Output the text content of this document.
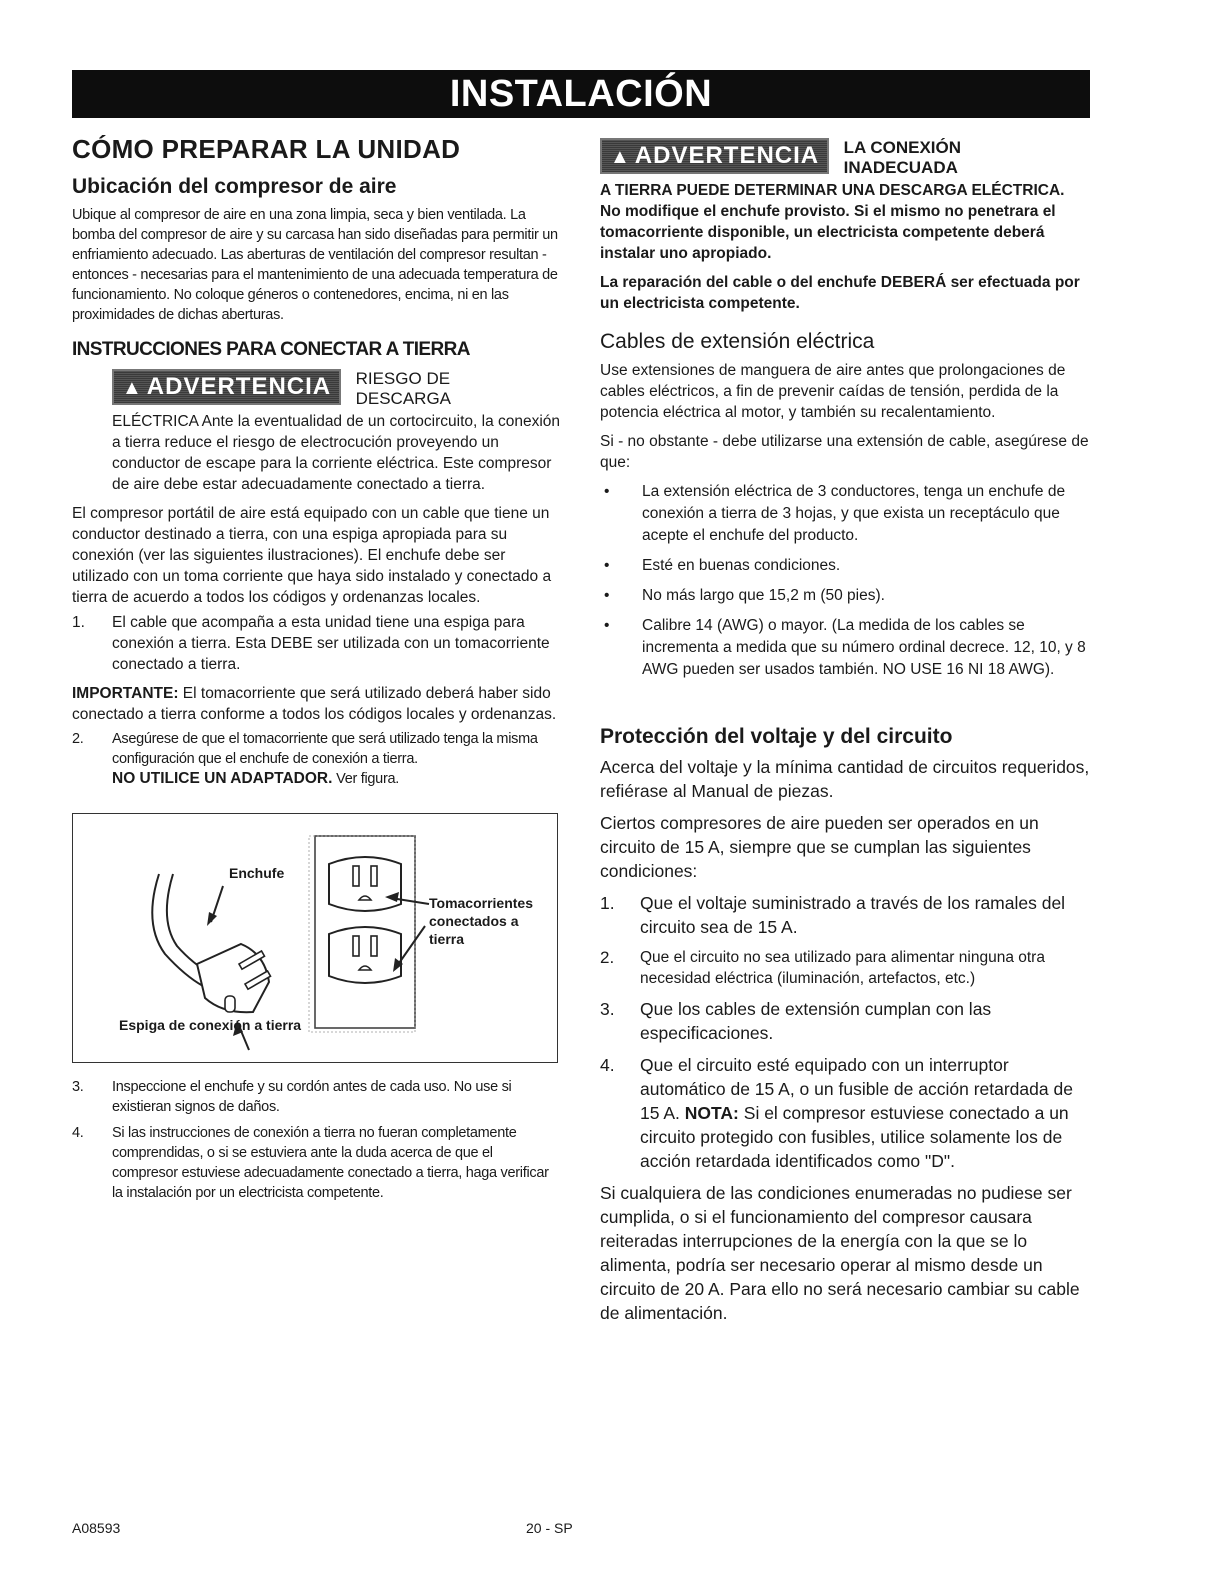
INSTALACIÓN
CÓMO PREPARAR LA UNIDAD
Ubicación del compresor de aire

Ubique al compresor de aire en una zona limpia, seca y bien ventilada. La bomba del compresor de aire y su carcasa han sido diseñadas para permitir un enfriamiento adecuado. Las aberturas de ventilación del compresor resultan - entonces - necesarias para el mantenimiento de una adecuada temperatura de funcionamiento. No coloque géneros o contenedores, encima, ni en las proximidades de dichas aberturas.

INSTRUCCIONES PARA CONECTAR A TIERRA
▲ ADVERTENCIA RIESGO DE
DESCARGA

ELÉCTRICA Ante la eventualidad de un cortocircuito, la conexión a tierra reduce el riesgo de electrocución proveyendo un conductor de escape para la corriente eléctrica. Este compresor de aire debe estar adecuadamente conectado a tierra.

El compresor portátil de aire está equipado con un cable que tiene un conductor destinado a tierra, con una espiga apropiada para su conexión (ver las siguientes ilustraciones). El enchufe debe ser utilizado con un toma corriente que haya sido instalado y conectado a tierra de acuerdo a todos los códigos y ordenanzas locales.

1.	El cable que acompaña a esta unidad tiene una espiga para conexión a tierra. Esta DEBE ser utilizada con un tomacorriente conectado a tierra.

IMPORTANTE: El tomacorriente que será utilizado deberá haber sido conectado a tierra conforme a todos los códigos locales y ordenanzas.

2.	Asegúrese de que el tomacorriente que será utilizado tenga la misma configuración que el enchufe de conexión a tierra.
NO UTILICE UN ADAPTADOR. Ver figura.
Enchufe
Tomacorrientes
conectados a
tierra
Espiga de conexión a tierra
3.	Inspeccione el enchufe y su cordón antes de cada uso. No use si existieran signos de daños.
4.	Si las instrucciones de conexión a tierra no fueran completamente comprendidas, o si se estuviera ante la duda acerca de que el compresor estuviese adecuadamente conectado a tierra, haga verificar la instalación por un electricista competente.
▲ ADVERTENCIA LA CONEXIÓN
INADECUADA

A TIERRA PUEDE DETERMINAR UNA DESCARGA ELÉCTRICA.

No modifique el enchufe provisto. Si el mismo no penetrara el tomacorriente disponible, un electricista competente deberá instalar uno apropiado.

La reparación del cable o del enchufe DEBERÁ ser efectuada por un electricista competente.

Cables de extensión eléctrica

Use extensiones de manguera de aire antes que prolongaciones de cables eléctricos, a fin de prevenir caídas de tensión, perdida de la potencia eléctrica al motor, y también su recalentamiento.

Si - no obstante - debe utilizarse una extensión de cable, asegúrese de que:

•	La extensión eléctrica de 3 conductores, tenga un enchufe de conexión a tierra de 3 hojas, y que exista un receptáculo que acepte el enchufe del producto.
•	Esté en buenas condiciones.
•	No más largo que 15,2 m (50 pies).
•	Calibre 14 (AWG) o mayor. (La medida de los cables se incrementa a medida que su número ordinal decrece. 12, 10, y 8 AWG pueden ser usados también. NO USE 16 NI 18 AWG).
Protección del voltaje y del circuito

Acerca del voltaje y la mínima cantidad de circuitos requeridos, refiérase al Manual de piezas.

Ciertos compresores de aire pueden ser operados en un circuito de 15 A, siempre que se cumplan las siguientes condiciones:

1.	Que el voltaje suministrado a través de los ramales del circuito sea de 15 A.
2.	Que el circuito no sea utilizado para alimentar ninguna otra necesidad eléctrica (iluminación, artefactos, etc.)
3.	Que los cables de extensión cumplan con las especificaciones.
4.	Que el circuito esté equipado con un interruptor automático de 15 A, o un fusible de acción retardada de 15 A. NOTA: Si el compresor estuviese conectado a un circuito protegido con fusibles, utilice solamente los de acción retardada identificados como "D".

Si cualquiera de las condiciones enumeradas no pudiese ser cumplida, o si el funcionamiento del compresor causara reiteradas interrupciones de la energía con la que se lo alimenta, podría ser necesario operar al mismo desde un circuito de 20 A. Para ello no será necesario cambiar su cable de alimentación.

A08593	20 - SP
